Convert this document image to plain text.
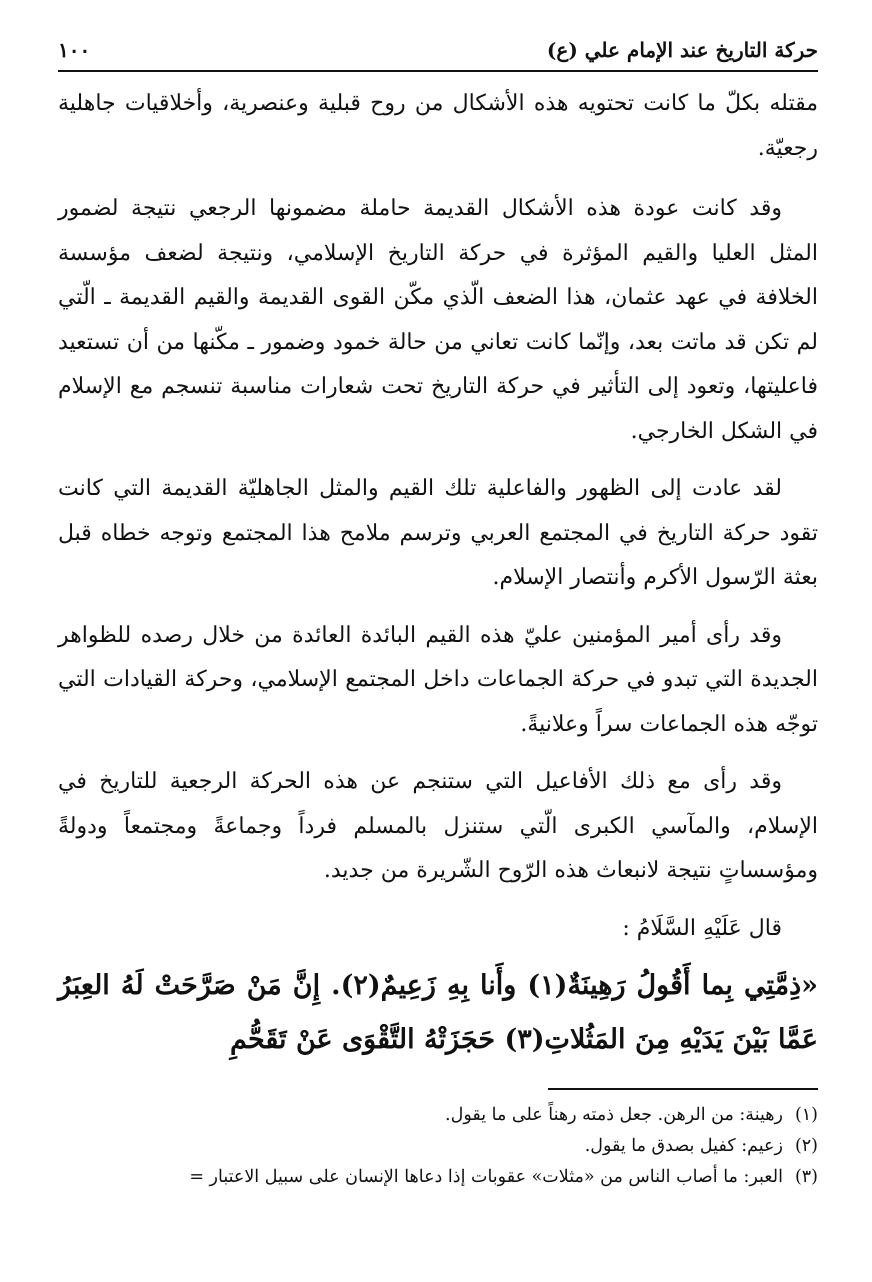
حركة التاريخ عند الإمام علي (ع)
١٠٠

مقتله بكلّ ما كانت تحتويه هذه الأشكال من روح قبلية وعنصرية، وأخلاقيات جاهلية رجعيّة.

وقد كانت عودة هذه الأشكال القديمة حاملة مضمونها الرجعي نتيجة لضمور المثل العليا والقيم المؤثرة في حركة التاريخ الإسلامي، ونتيجة لضعف مؤسسة الخلافة في عهد عثمان، هذا الضعف الّذي مكّن القوى القديمة والقيم القديمة ـ الّتي لم تكن قد ماتت بعد، وإنّما كانت تعاني من حالة خمود وضمور ـ مكّنها من أن تستعيد فاعليتها، وتعود إلى التأثير في حركة التاريخ تحت شعارات مناسبة تنسجم مع الإسلام في الشكل الخارجي.

لقد عادت إلى الظهور والفاعلية تلك القيم والمثل الجاهليّة القديمة التي كانت تقود حركة التاريخ في المجتمع العربي وترسم ملامح هذا المجتمع وتوجه خطاه قبل بعثة الرّسول الأكرم وأنتصار الإسلام.

وقد رأى أمير المؤمنين عليّ هذه القيم البائدة العائدة من خلال رصده للظواهر الجديدة التي تبدو في حركة الجماعات داخل المجتمع الإسلامي، وحركة القيادات التي توجّه هذه الجماعات سراً وعلانيةً.

وقد رأى مع ذلك الأفاعيل التي ستنجم عن هذه الحركة الرجعية للتاريخ في الإسلام، والمآسي الكبرى الّتي ستنزل بالمسلم فرداً وجماعةً ومجتمعاً ودولةً ومؤسساتٍ نتيجة لانبعاث هذه الرّوح الشّريرة من جديد.

قال عَلَيْهِ السَّلَامُ :

«ذِمَّتِي بِما أَقُولُ رَهِينَةٌ(١) وأَنا بِهِ زَعِيمٌ(٢). إِنَّ مَنْ صَرَّحَتْ لَهُ العِبَرُ عَمَّا بَيْنَ يَدَيْهِ مِنَ المَثُلاتِ(٣) حَجَزَتْهُ التَّقْوَى عَنْ تَقَحُّمِ

(١)
رهينة: من الرهن. جعل ذمته رهناً على ما يقول.
(٢)
زعيم: كفيل بصدق ما يقول.
(٣)
العبر: ما أصاب الناس من «مثلات» عقوبات إذا دعاها الإنسان على سبيل الاعتبار =
